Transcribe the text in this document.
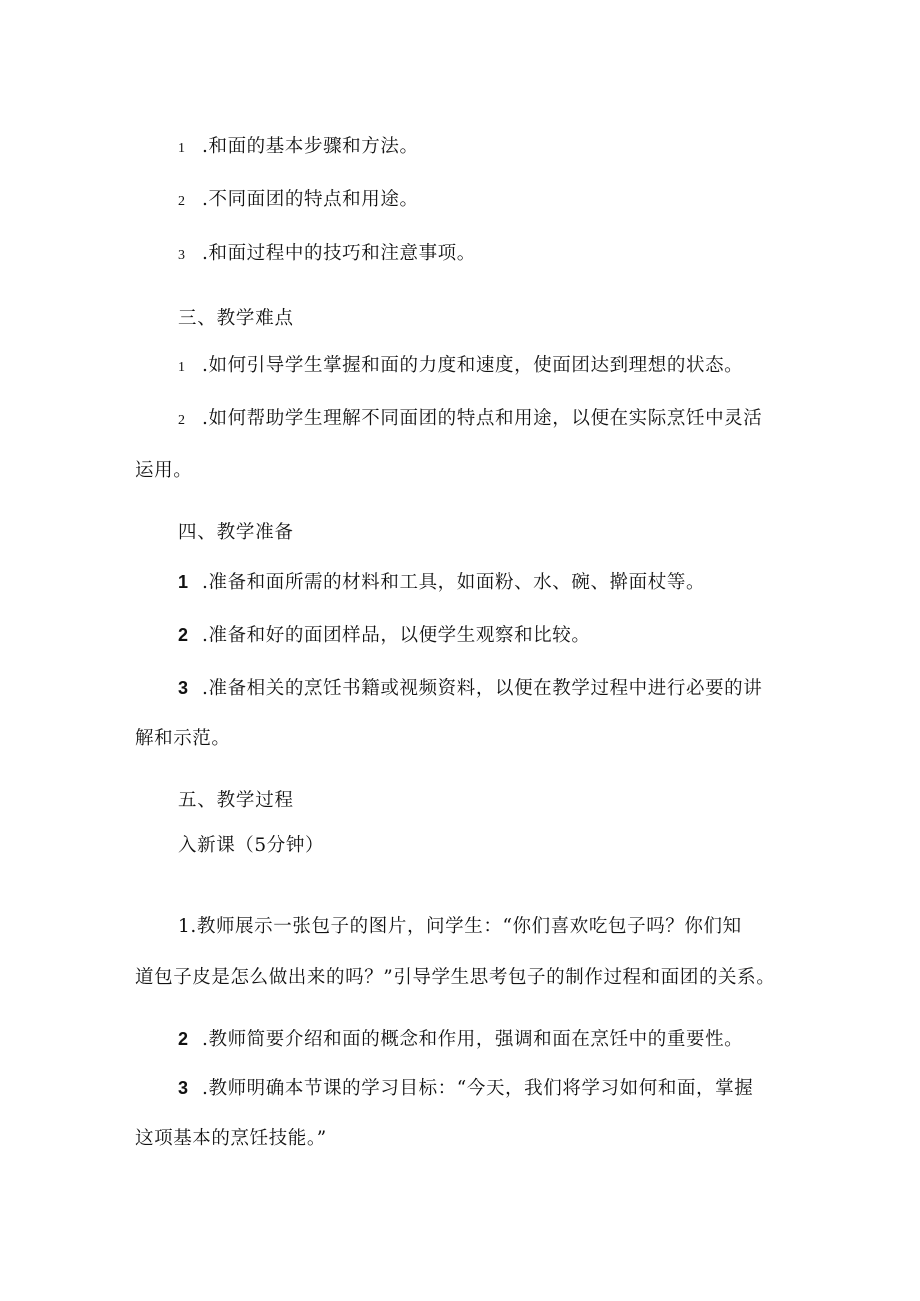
1 .和面的基本步骤和方法。
2 .不同面团的特点和用途。
3 .和面过程中的技巧和注意事项。
三、教学难点
1 .如何引导学生掌握和面的力度和速度，使面团达到理想的状态。
2 .如何帮助学生理解不同面团的特点和用途，以便在实际烹饪中灵活
运用。
四、教学准备
1 .准备和面所需的材料和工具，如面粉、水、碗、擀面杖等。
2 .准备和好的面团样品，以便学生观察和比较。
3 .准备相关的烹饪书籍或视频资料，以便在教学过程中进行必要的讲
解和示范。
五、教学过程
入新课（5分钟）
1.教师展示一张包子的图片，问学生：“你们喜欢吃包子吗？你们知
道包子皮是怎么做出来的吗？”引导学生思考包子的制作过程和面团的关系。
2 .教师简要介绍和面的概念和作用，强调和面在烹饪中的重要性。
3 .教师明确本节课的学习目标：“今天，我们将学习如何和面，掌握
这项基本的烹饪技能。”
